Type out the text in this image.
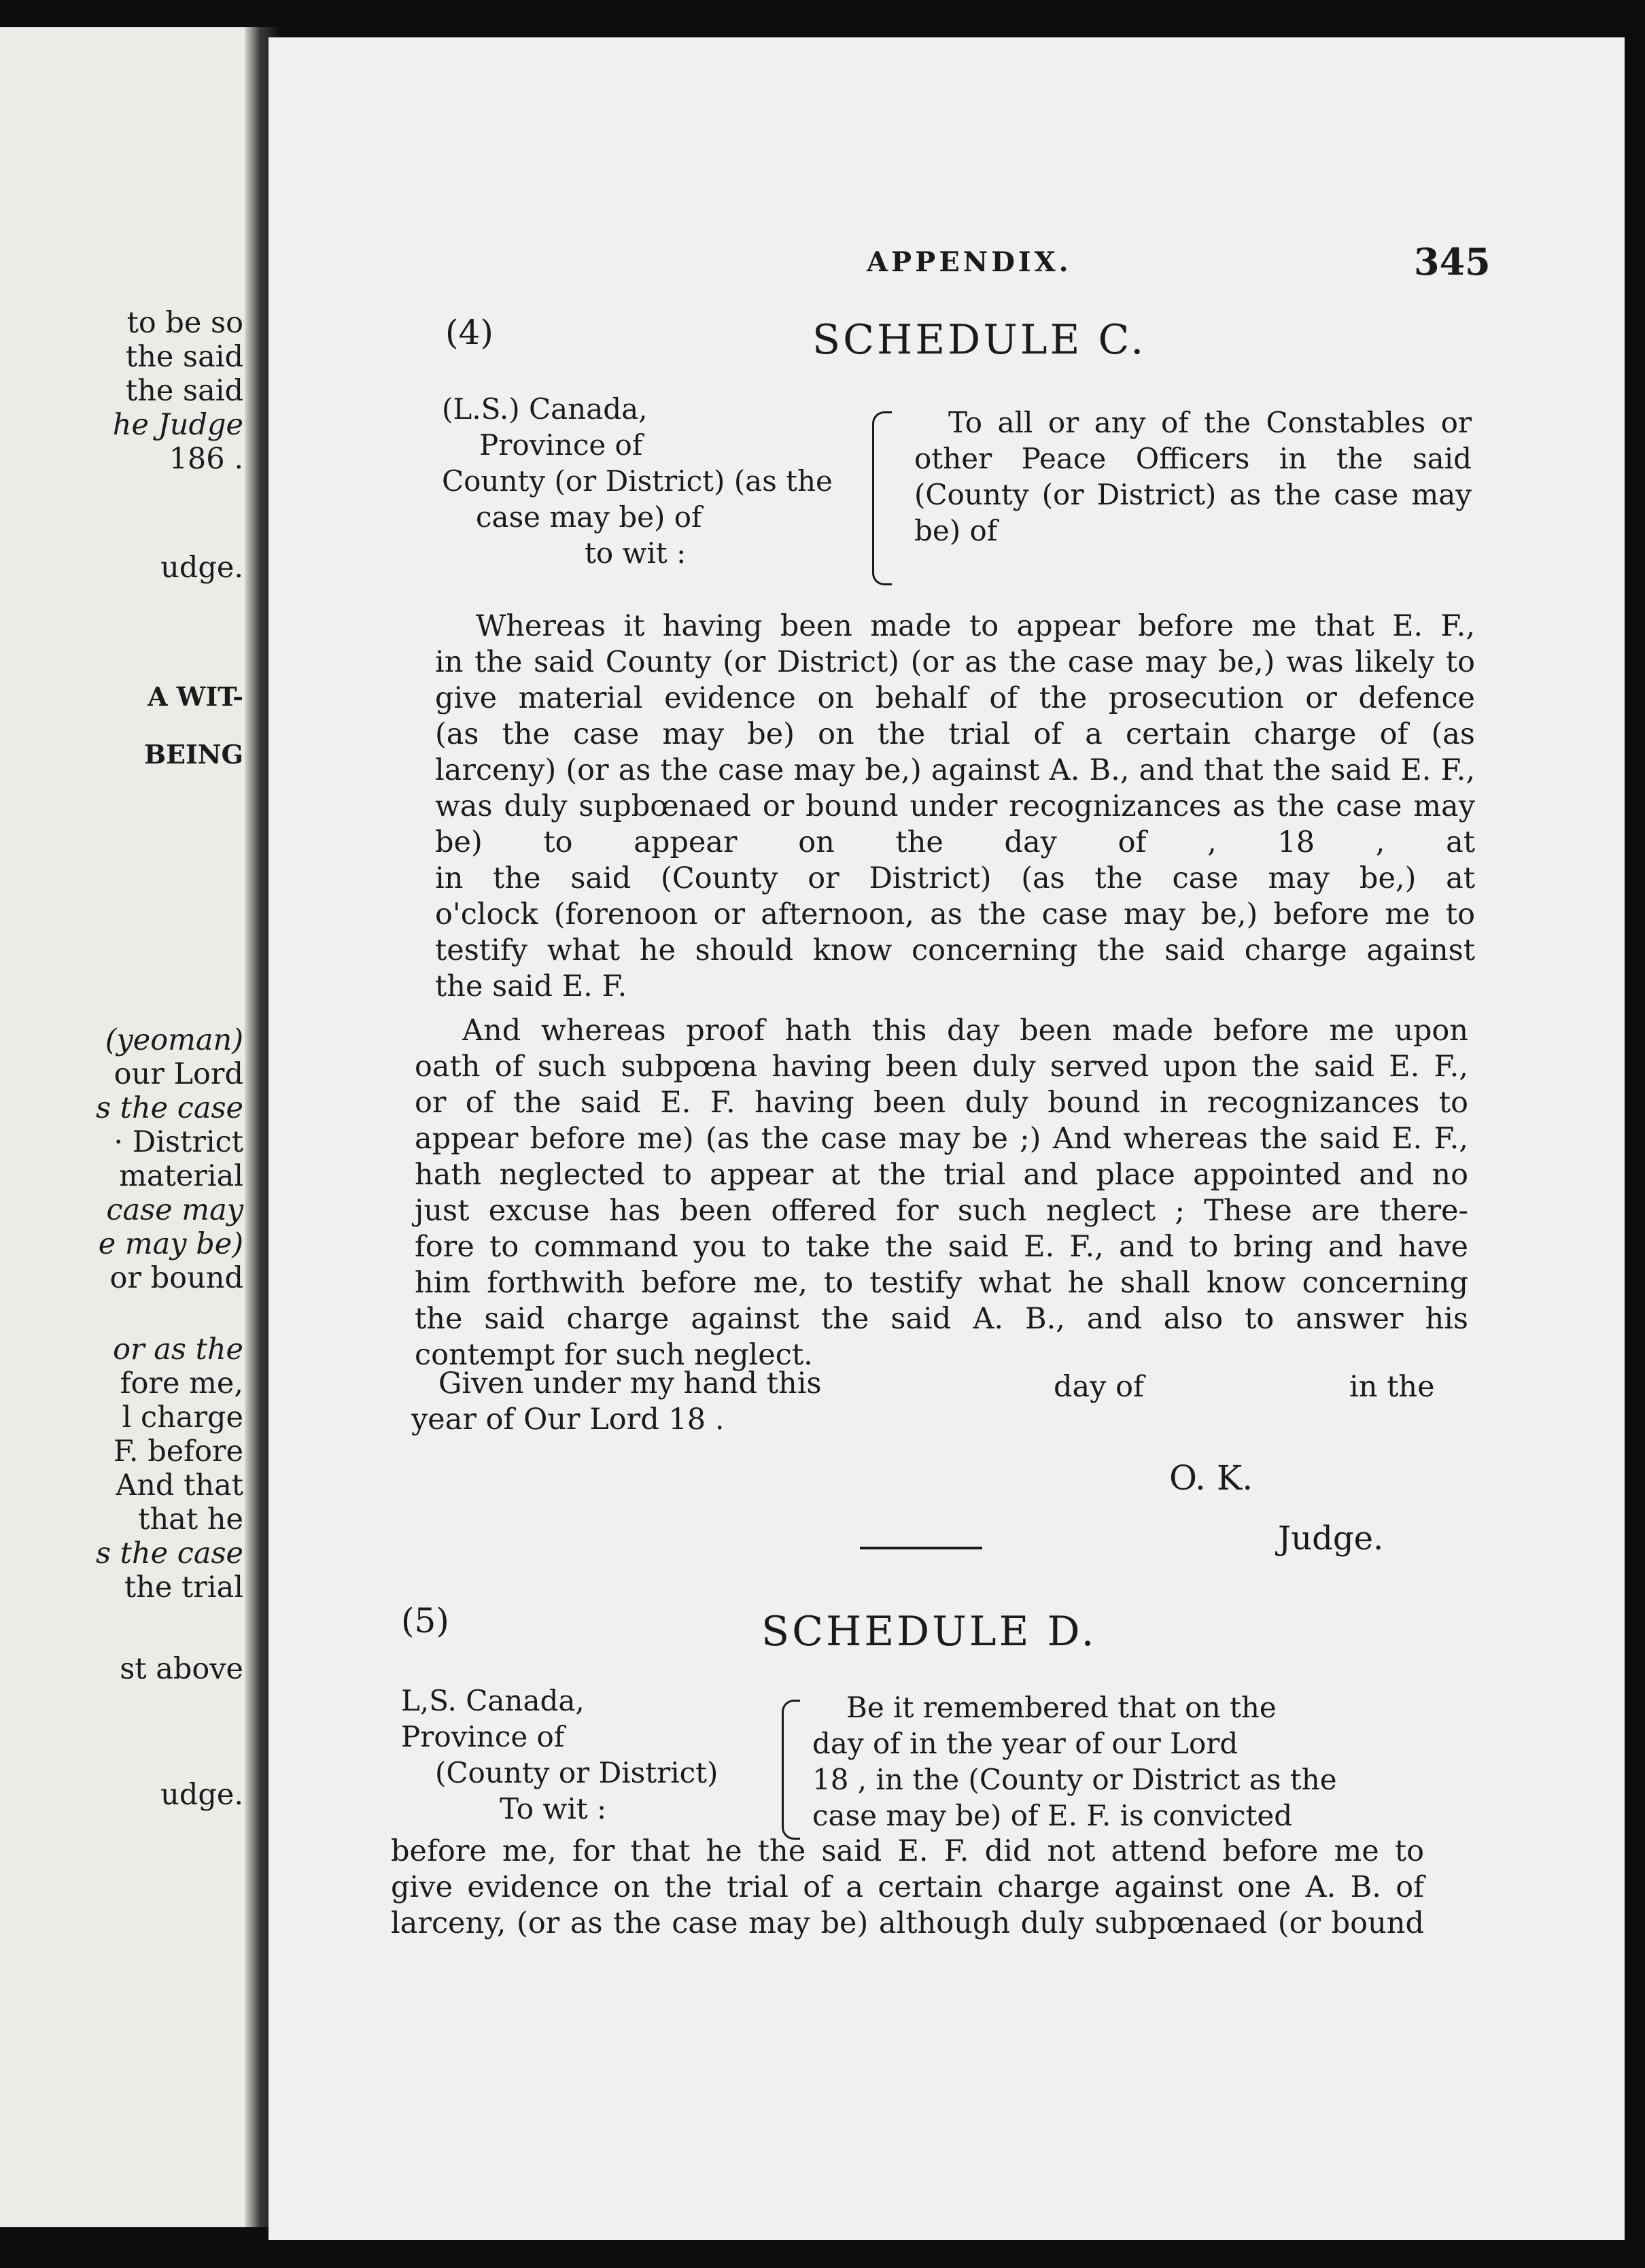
to be so
the said
the said
he Judge
186 .
udge.
A WIT-
BEING
(yeoman)
our Lord
s the case
· District
material
case may
e may be)
or bound
or as the
fore me,
l charge
F. before
And that
that he
s the case
the trial
st above
udge.
APPENDIX.	345
(4)	SCHEDULE C.
(L.S.) Canada,
Province of
County (or District) (as the
case may be) of
to wit :
To all or any of the Constables or
other Peace Officers in the said
(County (or District) as the case may
be) of
Whereas it having been made to appear before me that E. F.,
in the said County (or District) (or as the case may be,) was likely to
give material evidence on behalf of the prosecution or defence
(as the case may be) on the trial of a certain charge of (as
larceny) (or as the case may be,) against A. B., and that the said E. F.,
was duly supbœnaed or bound under recognizances as the case may
be) to appear on the day of , 18 , at
in the said (County or District) (as the case may be,) at
o'clock (forenoon or afternoon, as the case may be,) before me to
testify what he should know concerning the said charge against
the said E. F.
And whereas proof hath this day been made before me upon
oath of such subpœna having been duly served upon the said E. F.,
or of the said E. F. having been duly bound in recognizances to
appear before me) (as the case may be ;) And whereas the said E. F.,
hath neglected to appear at the trial and place appointed and no
just excuse has been offered for such neglect ; These are there-
fore to command you to take the said E. F., and to bring and have
him forthwith before me, to testify what he shall know concerning
the said charge against the said A. B., and also to answer his
contempt for such neglect.
Given under my hand this	day of	in the
year of Our Lord 18 .
O. K.
Judge.
(5)	SCHEDULE D.
L,S. Canada,
Province of
(County or District)
To wit :
Be it remembered that on the
day of in the year of our Lord
18 , in the (County or District as the
case may be) of E. F. is convicted
before me, for that he the said E. F. did not attend before me to
give evidence on the trial of a certain charge against one A. B. of
larceny, (or as the case may be) although duly subpœnaed (or bound
